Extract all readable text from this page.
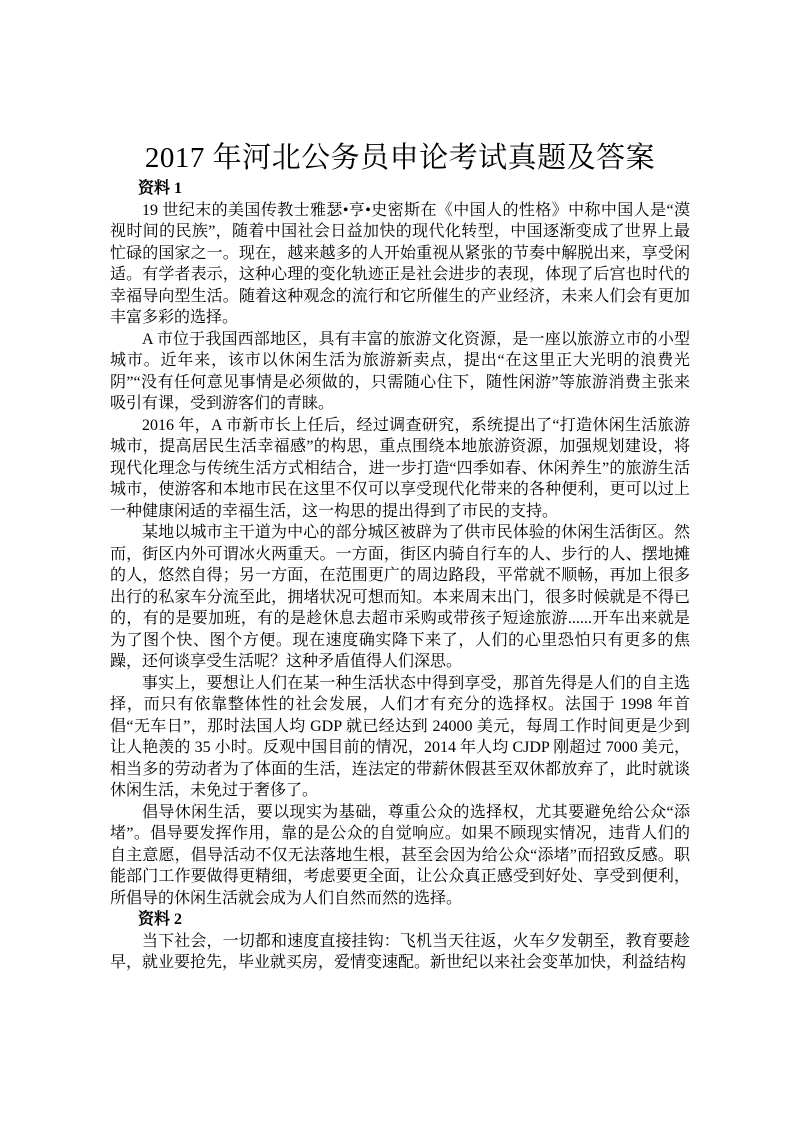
2017 年河北公务员申论考试真题及答案

资料 1

19 世纪末的美国传教士雅瑟•亨•史密斯在《中国人的性格》中称中国人是“漠视时间的民族”，随着中国社会日益加快的现代化转型，中国逐渐变成了世界上最忙碌的国家之一。现在，越来越多的人开始重视从紧张的节奏中解脱出来，享受闲适。有学者表示，这种心理的变化轨迹正是社会进步的表现，体现了后宫也时代的幸福导向型生活。随着这种观念的流行和它所催生的产业经济，未来人们会有更加丰富多彩的选择。

A 市位于我国西部地区，具有丰富的旅游文化资源，是一座以旅游立市的小型城市。近年来，该市以休闲生活为旅游新卖点，提出“在这里正大光明的浪费光阴”“没有任何意见事情是必须做的，只需随心住下，随性闲游”等旅游消费主张来吸引有课，受到游客们的青睐。

2016 年，A 市新市长上任后，经过调查研究，系统提出了“打造休闲生活旅游城市，提高居民生活幸福感”的构思，重点围绕本地旅游资源，加强规划建设，将现代化理念与传统生活方式相结合，进一步打造“四季如春、休闲养生”的旅游生活城市，使游客和本地市民在这里不仅可以享受现代化带来的各种便利，更可以过上一种健康闲适的幸福生活，这一构思的提出得到了市民的支持。

某地以城市主干道为中心的部分城区被辟为了供市民体验的休闲生活街区。然而，街区内外可谓冰火两重天。一方面，街区内骑自行车的人、步行的人、摆地摊的人，悠然自得；另一方面，在范围更广的周边路段，平常就不顺畅，再加上很多出行的私家车分流至此，拥堵状况可想而知。本来周末出门，很多时候就是不得已的，有的是要加班，有的是趁休息去超市采购或带孩子短途旅游......开车出来就是为了图个快、图个方便。现在速度确实降下来了，人们的心里恐怕只有更多的焦躁，还何谈享受生活呢？这种矛盾值得人们深思。

事实上，要想让人们在某一种生活状态中得到享受，那首先得是人们的自主选择，而只有依靠整体性的社会发展，人们才有充分的选择权。法国于 1998 年首倡“无车日”，那时法国人均 GDP 就已经达到 24000 美元，每周工作时间更是少到让人艳羡的 35 小时。反观中国目前的情况，2014 年人均 CJDP 刚超过 7000 美元，相当多的劳动者为了体面的生活，连法定的带薪休假甚至双休都放弃了，此时就谈休闲生活，未免过于奢侈了。

倡导休闲生活，要以现实为基础，尊重公众的选择权，尤其要避免给公众“添堵”。倡导要发挥作用，靠的是公众的自觉响应。如果不顾现实情况，违背人们的自主意愿，倡导活动不仅无法落地生根，甚至会因为给公众“添堵”而招致反感。职能部门工作要做得更精细，考虑要更全面，让公众真正感受到好处、享受到便利，所倡导的休闲生活就会成为人们自然而然的选择。

资料 2

当下社会，一切都和速度直接挂钩：飞机当天往返，火车夕发朝至，教育要趁早，就业要抢先，毕业就买房，爱情变速配。新世纪以来社会变革加快，利益结构
